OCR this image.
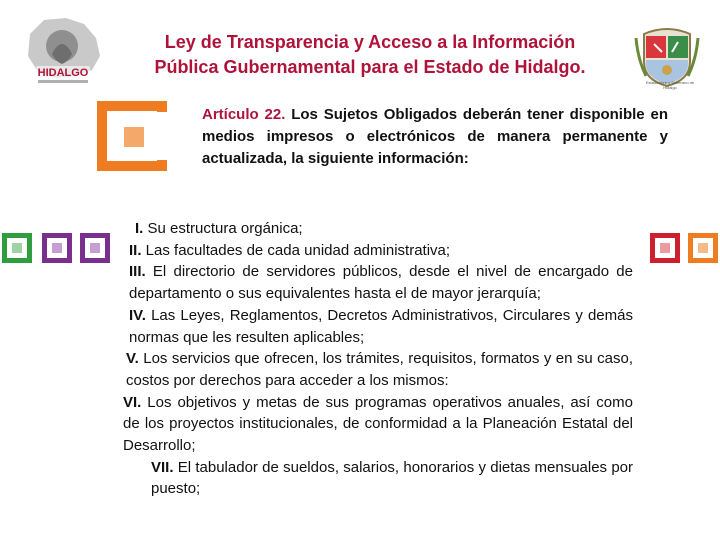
HIDALGO
Ley de Transparencia y Acceso a la Información
Pública Gubernamental para el Estado de Hidalgo.
Estado libre y Soberano de Hidalgo
Artículo 22. Los Sujetos Obligados deberán tener disponible en medios impresos o electrónicos de manera permanente y actualizada, la siguiente información:

I. Su estructura orgánica;

II. Las facultades de cada unidad administrativa;

III. El directorio de servidores públicos, desde el nivel de encargado de departamento o sus equivalentes hasta el de mayor jerarquía;

IV. Las Leyes, Reglamentos, Decretos Administrativos, Circulares y demás normas que les resulten aplicables;

V. Los servicios que ofrecen, los trámites, requisitos, formatos y en su caso, costos por derechos para acceder a los mismos:

VI. Los objetivos y metas de sus programas operativos anuales, así como de los proyectos institucionales, de conformidad a la Planeación Estatal del Desarrollo;

VII. El tabulador de sueldos, salarios, honorarios y dietas mensuales por puesto;
